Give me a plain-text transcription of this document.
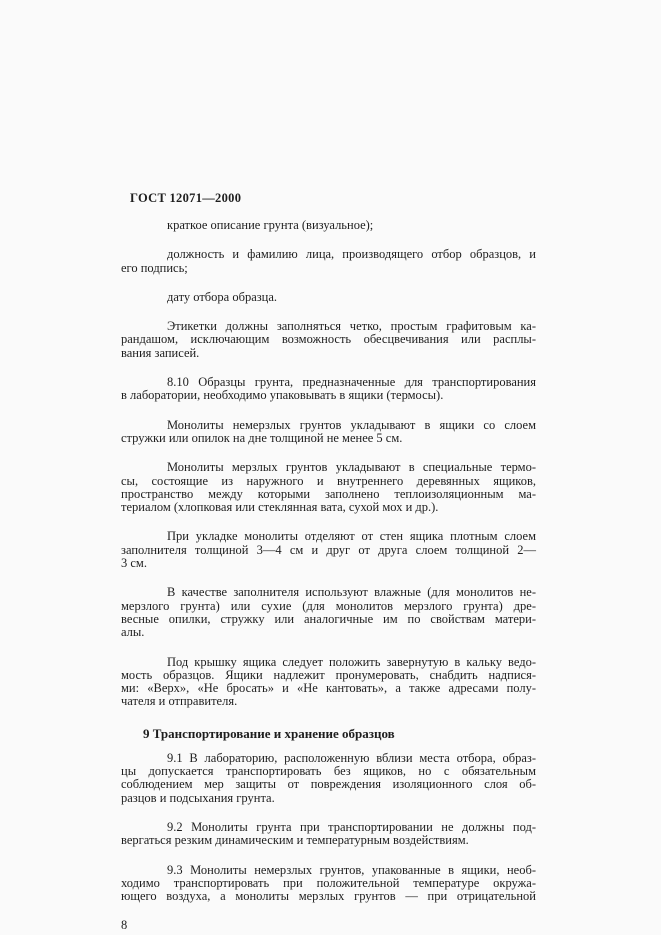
ГОСТ 12071—2000

краткое описание грунта (визуальное);

должность и фамилию лица, производящего отбор образцов, и
его подпись;

дату отбора образца.

Этикетки должны заполняться четко, простым графитовым ка-
рандашом, исключающим возможность обесцвечивания или расплы-
вания записей.

8.10 Образцы грунта, предназначенные для транспортирования
в лаборатории, необходимо упаковывать в ящики (термосы).

Монолиты немерзлых грунтов укладывают в ящики со слоем
стружки или опилок на дне толщиной не менее 5 см.

Монолиты мерзлых грунтов укладывают в специальные термо-
сы, состоящие из наружного и внутреннего деревянных ящиков,
пространство между которыми заполнено теплоизоляционным ма-
териалом (хлопковая или стеклянная вата, сухой мох и др.).

При укладке монолиты отделяют от стен ящика плотным слоем
заполнителя толщиной 3—4 см и друг от друга слоем толщиной 2—
3 см.

В качестве заполнителя используют влажные (для монолитов не-
мерзлого грунта) или сухие (для монолитов мерзлого грунта) дре-
весные опилки, стружку или аналогичные им по свойствам матери-
алы.

Под крышку ящика следует положить завернутую в кальку ведо-
мость образцов. Ящики надлежит пронумеровать, снабдить надпися-
ми: «Верх», «Не бросать» и «Не кантовать», а также адресами полу-
чателя и отправителя.

9 Транспортирование и хранение образцов

9.1 В лабораторию, расположенную вблизи места отбора, образ-
цы допускается транспортировать без ящиков, но с обязательным
соблюдением мер защиты от повреждения изоляционного слоя об-
разцов и подсыхания грунта.

9.2 Монолиты грунта при транспортировании не должны под-
вергаться резким динамическим и температурным воздействиям.

9.3 Монолиты немерзлых грунтов, упакованные в ящики, необ-
ходимо транспортировать при положительной температуре окружа-
ющего воздуха, а монолиты мерзлых грунтов — при отрицательной

8
